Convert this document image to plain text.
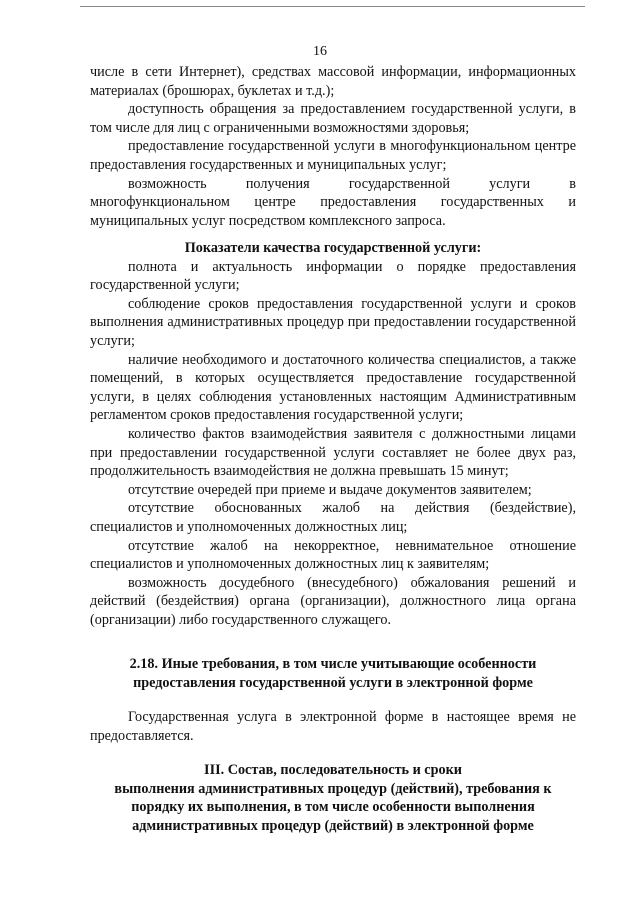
16

числе в сети Интернет), средствах массовой информации, информационных материалах (брошюрах, буклетах и т.д.);

доступность обращения за предоставлением государственной услуги, в том числе для лиц с ограниченными возможностями здоровья;

предоставление государственной услуги в многофункциональном центре предоставления государственных и муниципальных услуг;

возможность получения государственной услуги в многофункциональном центре предоставления государственных и муниципальных услуг посредством комплексного запроса.

Показатели качества государственной услуги:

полнота и актуальность информации о порядке предоставления государственной услуги;

соблюдение сроков предоставления государственной услуги и сроков выполнения административных процедур при предоставлении государственной услуги;

наличие необходимого и достаточного количества специалистов, а также помещений, в которых осуществляется предоставление государственной услуги, в целях соблюдения установленных настоящим Административным регламентом сроков предоставления государственной услуги;

количество фактов взаимодействия заявителя с должностными лицами при предоставлении государственной услуги составляет не более двух раз, продолжительность взаимодействия не должна превышать 15 минут;

отсутствие очередей при приеме и выдаче документов заявителем;

отсутствие обоснованных жалоб на действия (бездействие), специалистов и уполномоченных должностных лиц;

отсутствие жалоб на некорректное, невнимательное отношение специалистов и уполномоченных должностных лиц к заявителям;

возможность досудебного (внесудебного) обжалования решений и действий (бездействия) органа (организации), должностного лица органа (организации) либо государственного служащего.

2.18. Иные требования, в том числе учитывающие особенности

предоставления государственной услуги в электронной форме

Государственная услуга в электронной форме в настоящее время не предоставляется.

III. Состав, последовательность и сроки

выполнения административных процедур (действий), требования к

порядку их выполнения, в том числе особенности выполнения

административных процедур (действий) в электронной форме
